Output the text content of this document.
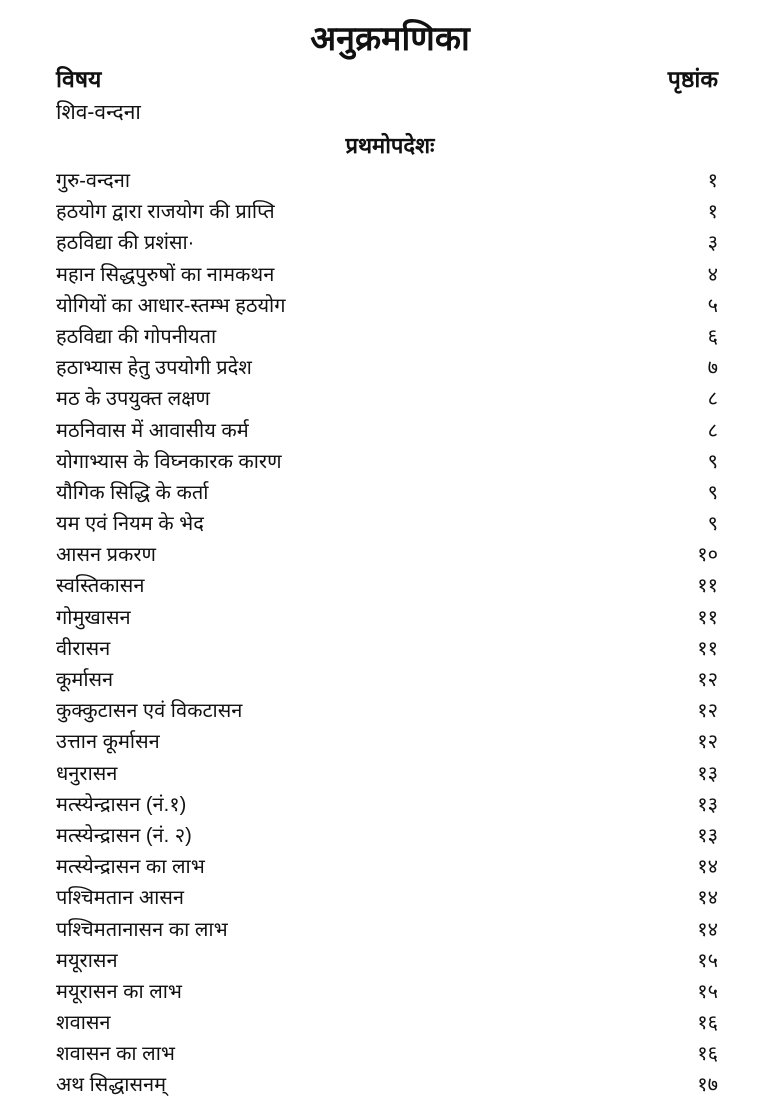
अनुक्रमणिका
विषय	पृष्ठांक
शिव-वन्दना
प्रथमोपदेशः
गुरु-वन्दना	१
हठयोग द्वारा राजयोग की प्राप्ति	१
हठविद्या की प्रशंसा·	३
महान सिद्धपुरुषों का नामकथन	४
योगियों का आधार-स्तम्भ हठयोग	५
हठविद्या की गोपनीयता	६
हठाभ्यास हेतु उपयोगी प्रदेश	७
मठ के उपयुक्त लक्षण	८
मठनिवास में आवासीय कर्म	८
योगाभ्यास के विघ्नकारक कारण	९
यौगिक सिद्धि के कर्ता	९
यम एवं नियम के भेद	९
आसन प्रकरण	१०
स्वस्तिकासन	११
गोमुखासन	११
वीरासन	११
कूर्मासन	१२
कुक्कुटासन एवं विकटासन	१२
उत्तान कूर्मासन	१२
धनुरासन	१३
मत्स्येन्द्रासन (नं.१)	१३
मत्स्येन्द्रासन (नं. २)	१३
मत्स्येन्द्रासन का लाभ	१४
पश्चिमतान आसन	१४
पश्चिमतानासन का लाभ	१४
मयूरासन	१५
मयूरासन का लाभ	१५
शवासन	१६
शवासन का लाभ	१६
अथ सिद्धासनम्	१७
